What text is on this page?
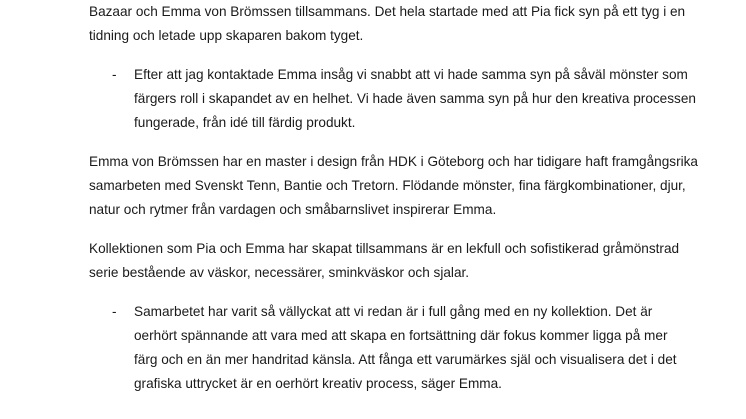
Bazaar och Emma von Brömssen tillsammans. Det hela startade med att Pia fick syn på ett tyg i en
tidning och letade upp skaparen bakom tyget.
- Efter att jag kontaktade Emma insåg vi snabbt att vi hade samma syn på såväl mönster som
färgers roll i skapandet av en helhet. Vi hade även samma syn på hur den kreativa processen
fungerade, från idé till färdig produkt.
Emma von Brömssen har en master i design från HDK i Göteborg och har tidigare haft framgångsrika
samarbeten med Svenskt Tenn, Bantie och Tretorn. Flödande mönster, fina färgkombinationer, djur,
natur och rytmer från vardagen och småbarnslivet inspirerar Emma.
Kollektionen som Pia och Emma har skapat tillsammans är en lekfull och sofistikerad gråmönstrad
serie bestående av väskor, necessärer, sminkväskor och sjalar.
- Samarbetet har varit så vällyckat att vi redan är i full gång med en ny kollektion. Det är
oerhört spännande att vara med att skapa en fortsättning där fokus kommer ligga på mer
färg och en än mer handritad känsla. Att fånga ett varumärkes själ och visualisera det i det
grafiska uttrycket är en oerhört kreativ process, säger Emma.
